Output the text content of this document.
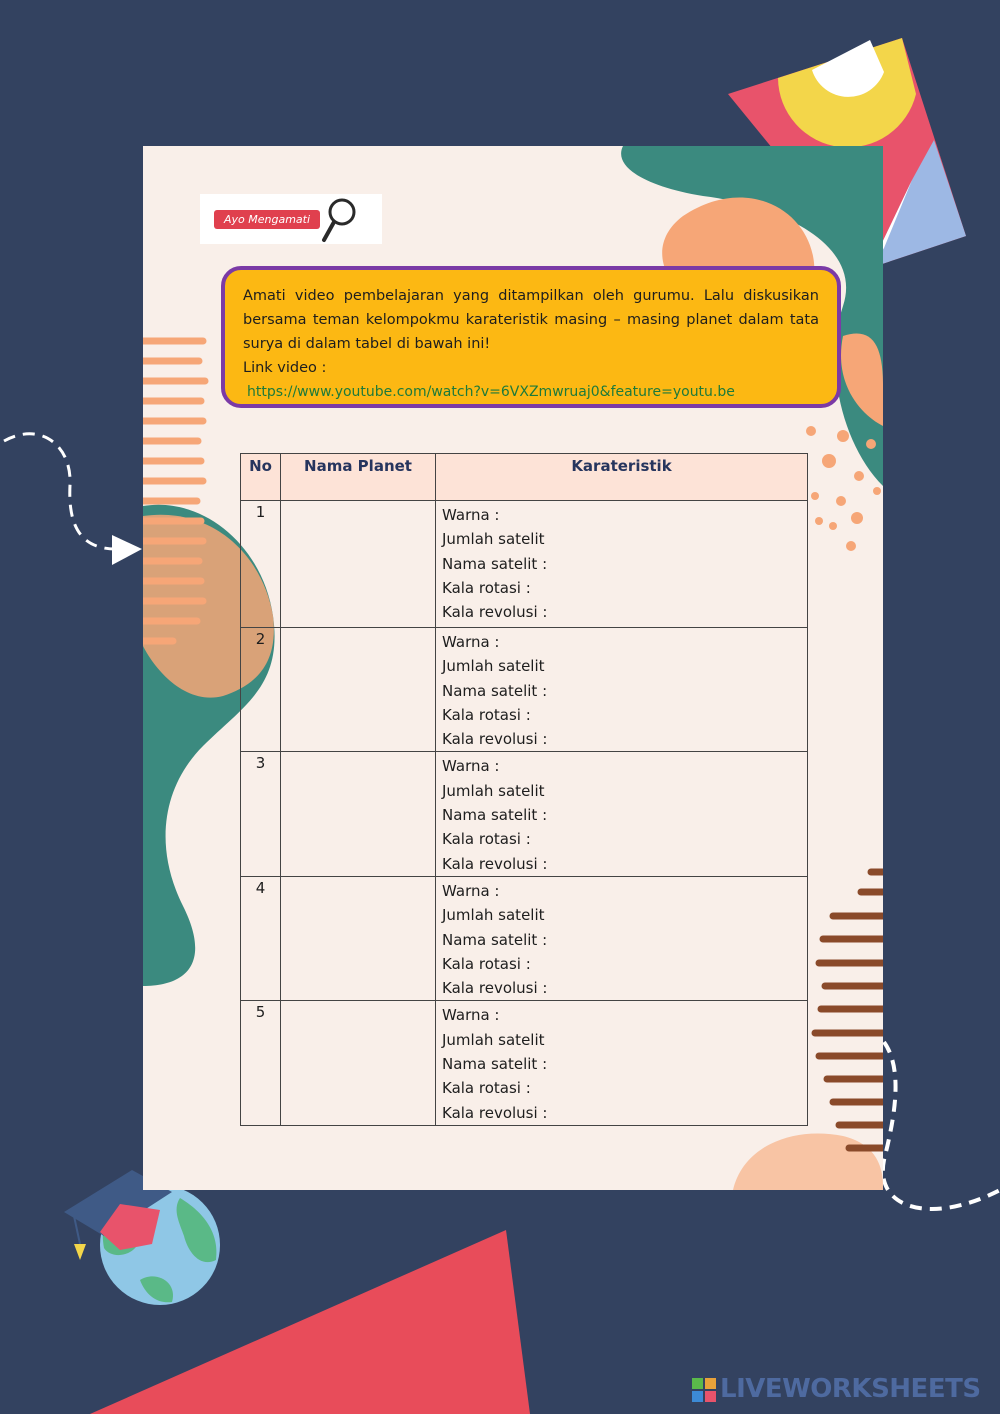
Ayo Mengamati

Amati video pembelajaran yang ditampilkan oleh gurumu. Lalu diskusikan bersama teman kelompokmu karateristik masing – masing planet dalam tata surya di dalam tabel di bawah ini!

Link video :

https://www.youtube.com/watch?v=6VXZmwruaj0&feature=youtu.be

No	Nama Planet	Karateristik
1		Warna :
Jumlah satelit
Nama satelit :
Kala rotasi :
Kala revolusi :

2		Warna :
Jumlah satelit
Nama satelit :
Kala rotasi :
Kala revolusi :

3		Warna :
Jumlah satelit
Nama satelit :
Kala rotasi :
Kala revolusi :

4		Warna :
Jumlah satelit
Nama satelit :
Kala rotasi :
Kala revolusi :

5		Warna :
Jumlah satelit
Nama satelit :
Kala rotasi :
Kala revolusi :
LIVEWORKSHEETS
